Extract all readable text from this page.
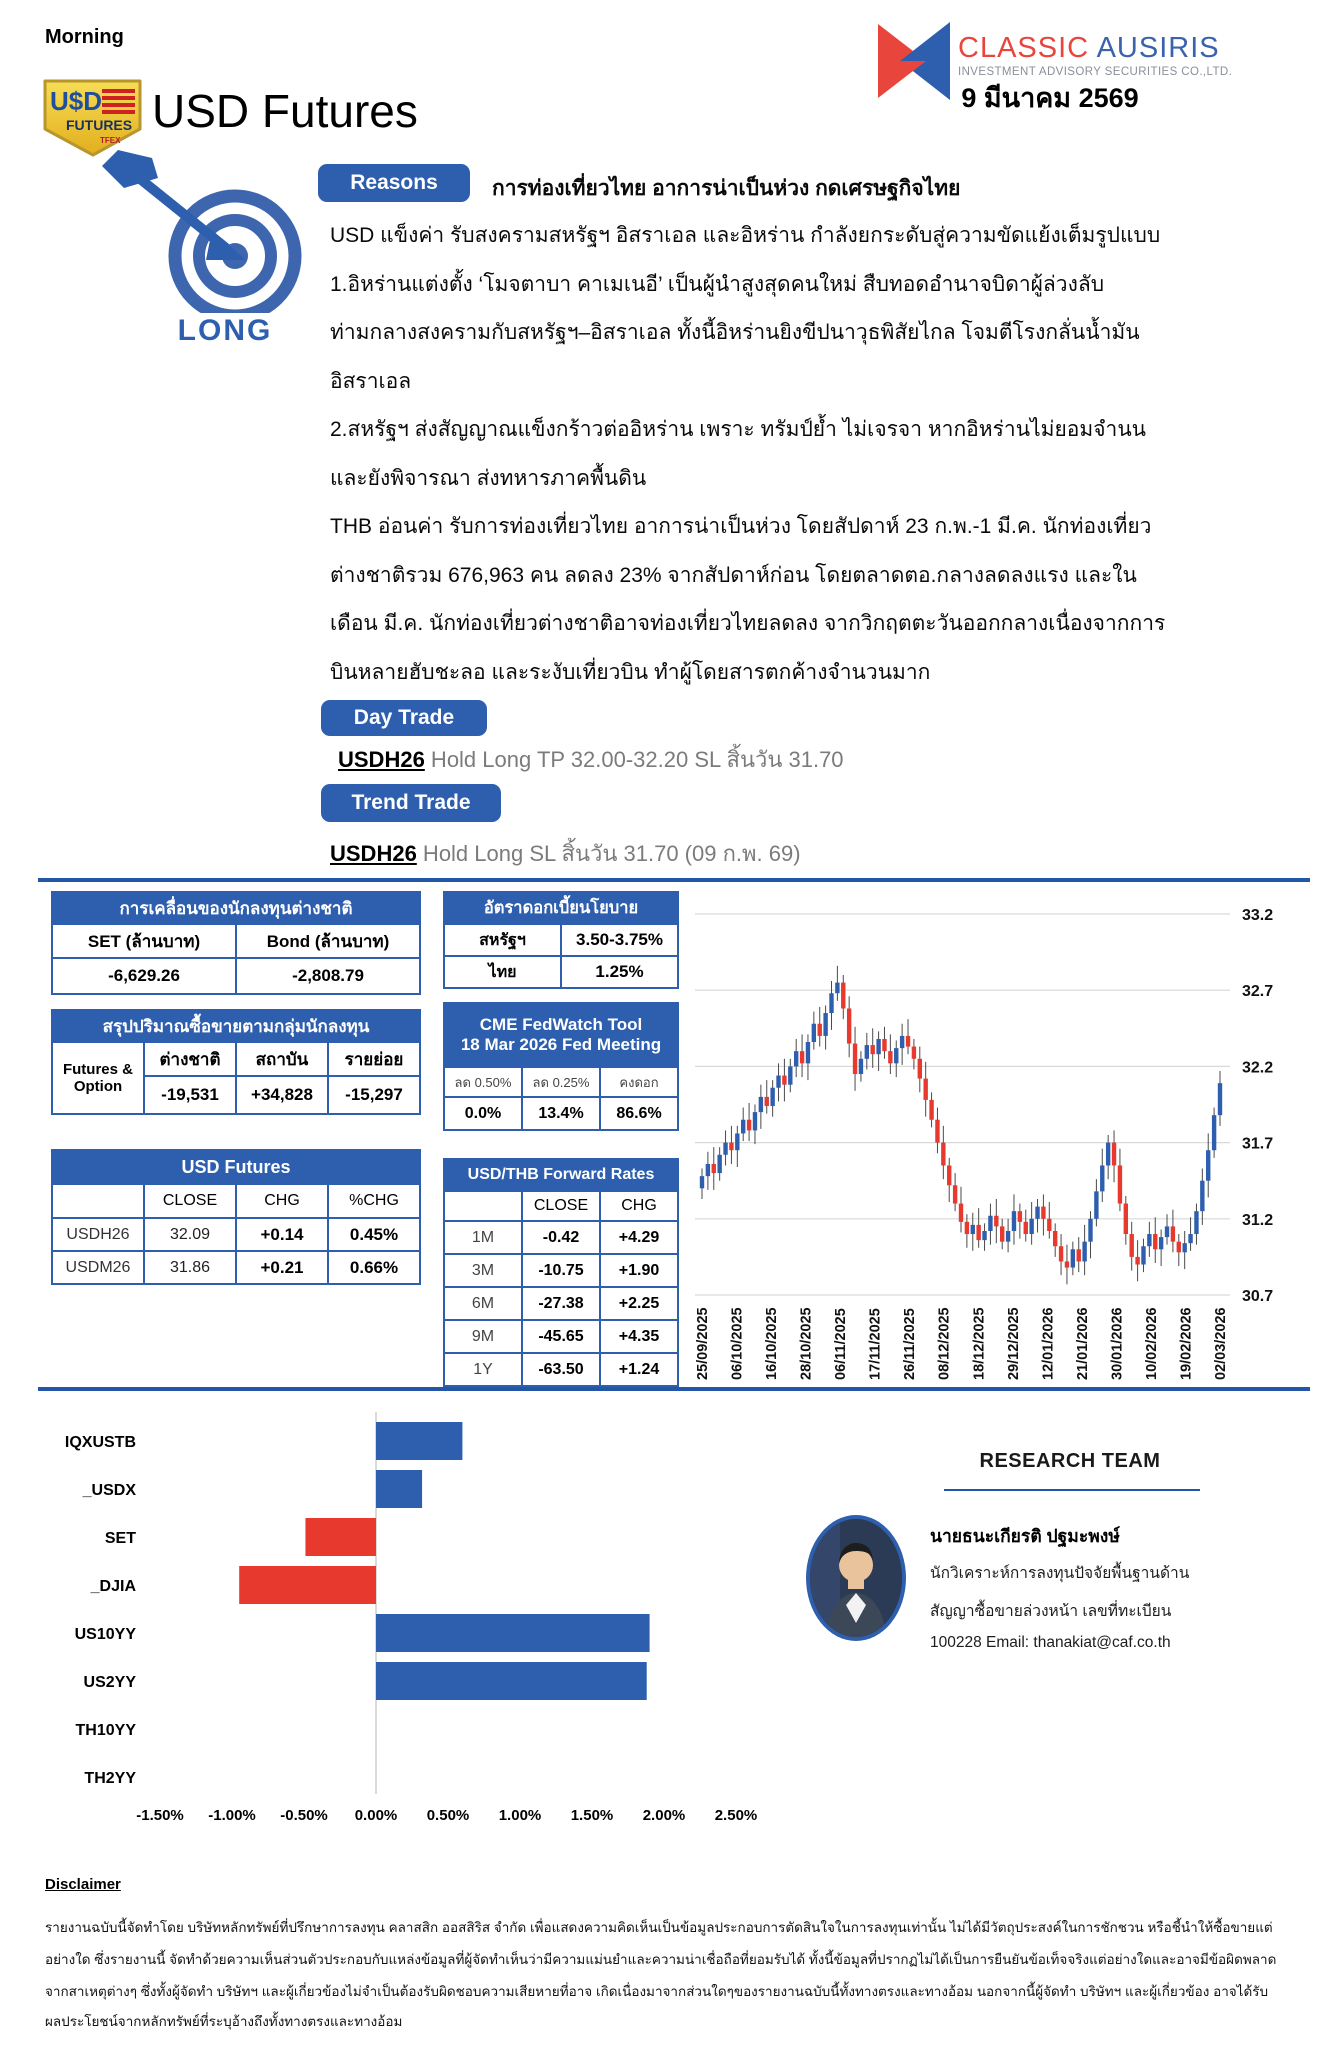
Morning	CLASSIC AUSIRIS
INVESTMENT ADVISORY SECURITIES CO.,LTD.
9 มีนาคม 2569
U$D
FUTURES
TFEX
USD Futures
LONG
Reasons	การท่องเที่ยวไทย อาการน่าเป็นห่วง กดเศรษฐกิจไทย
USD แข็งค่า รับสงครามสหรัฐฯ อิสราเอล และอิหร่าน กำลังยกระดับสู่ความขัดแย้งเต็มรูปแบบ
1.อิหร่านแต่งตั้ง ‘โมจตาบา คาเมเนอี’ เป็นผู้นำสูงสุดคนใหม่ สืบทอดอำนาจบิดาผู้ล่วงลับ
ท่ามกลางสงครามกับสหรัฐฯ–อิสราเอล ทั้งนี้อิหร่านยิงขีปนาวุธพิสัยไกล โจมตีโรงกลั่นน้ำมัน
อิสราเอล
2.สหรัฐฯ ส่งสัญญาณแข็งกร้าวต่ออิหร่าน เพราะ ทรัมป์ย้ำ ไม่เจรจา หากอิหร่านไม่ยอมจำนน
และยังพิจารณา ส่งทหารภาคพื้นดิน
THB อ่อนค่า รับการท่องเที่ยวไทย อาการน่าเป็นห่วง โดยสัปดาห์ 23 ก.พ.-1 มี.ค. นักท่องเที่ยว
ต่างชาติรวม 676,963 คน ลดลง 23% จากสัปดาห์ก่อน โดยตลาดตอ.กลางลดลงแรง และใน
เดือน มี.ค. นักท่องเที่ยวต่างชาติอาจท่องเที่ยวไทยลดลง จากวิกฤตตะวันออกกลางเนื่องจากการ
บินหลายฮับชะลอ และระงับเที่ยวบิน ทำผู้โดยสารตกค้างจำนวนมาก
Day Trade
USDH26 Hold Long TP 32.00-32.20 SL สิ้นวัน 31.70
Trend Trade
USDH26 Hold Long SL สิ้นวัน 31.70 (09 ก.พ. 69)
การเคลื่อนของนักลงทุนต่างชาติ	
SET (ล้านบาท)	Bond (ล้านบาท)
-6,629.26	-2,808.79
สรุปปริมาณซื้อขายตามกลุ่มนักลงทุน			

Futures &
Option	ต่างชาติ	สถาบัน	รายย่อย
	-19,531	+34,828	-15,297
USD Futures			
	CLOSE	CHG	%CHG
USDH26	32.09	+0.14	0.45%
USDM26	31.86	+0.21	0.66%
อัตราดอกเบี้ยนโยบาย	
สหรัฐฯ	3.50-3.75%
ไทย	1.25%
CME FedWatch Tool
18 Mar 2026 Fed Meeting		

ลด 0.50%	ลด 0.25%	คงดอก
0.0%	13.4%	86.6%
USD/THB Forward Rates		
	CLOSE	CHG
1M	-0.42	+4.29
3M	-10.75	+1.90
6M	-27.38	+2.25
9M	-45.65	+4.35
1Y	-63.50	+1.24
33.2
32.7
32.2
31.7
31.2
30.7
25/09/2025 06/10/2025 16/10/2025 28/10/2025 06/11/2025 17/11/2025 26/11/2025 08/12/2025 18/12/2025 29/12/2025 12/01/2026 21/01/2026 30/01/2026 10/02/2026 19/02/2026 02/03/2026
IQXUSTB
_USDX
SET
_DJIA
US10YY
US2YY
TH10YY
TH2YY
-1.50% -1.00% -0.50% 0.00% 0.50% 1.00% 1.50% 2.00% 2.50%
RESEARCH TEAM
นายธนะเกียรติ ปฐมะพงษ์
นักวิเคราะห์การลงทุนปัจจัยพื้นฐานด้าน
สัญญาซื้อขายล่วงหน้า เลขที่ทะเบียน
100228 Email: thanakiat@caf.co.th
Disclaimer
รายงานฉบับนี้จัดทำโดย บริษัทหลักทรัพย์ที่ปรึกษาการลงทุน คลาสสิก ออสสิริส จำกัด เพื่อแสดงความคิดเห็นเป็นข้อมูลประกอบการตัดสินใจในการลงทุนเท่านั้น ไม่ได้มีวัตถุประสงค์ในการชักชวน หรือชี้นำให้ซื้อขายแต่
อย่างใด ซึ่งรายงานนี้ จัดทำด้วยความเห็นส่วนตัวประกอบกับแหล่งข้อมูลที่ผู้จัดทำเห็นว่ามีความแม่นยำและความน่าเชื่อถือที่ยอมรับได้ ทั้งนี้ข้อมูลที่ปรากฏไม่ได้เป็นการยืนยันข้อเท็จจริงแต่อย่างใดและอาจมีข้อผิดพลาด
จากสาเหตุต่างๆ ซึ่งทั้งผู้จัดทำ บริษัทฯ และผู้เกี่ยวข้องไม่จำเป็นต้องรับผิดชอบความเสียหายที่อาจ เกิดเนื่องมาจากส่วนใดๆของรายงานฉบับนี้ทั้งทางตรงและทางอ้อม นอกจากนี้ผู้จัดทำ บริษัทฯ และผู้เกี่ยวข้อง อาจได้รับ
ผลประโยชน์จากหลักทรัพย์ที่ระบุอ้างถึงทั้งทางตรงและทางอ้อม
